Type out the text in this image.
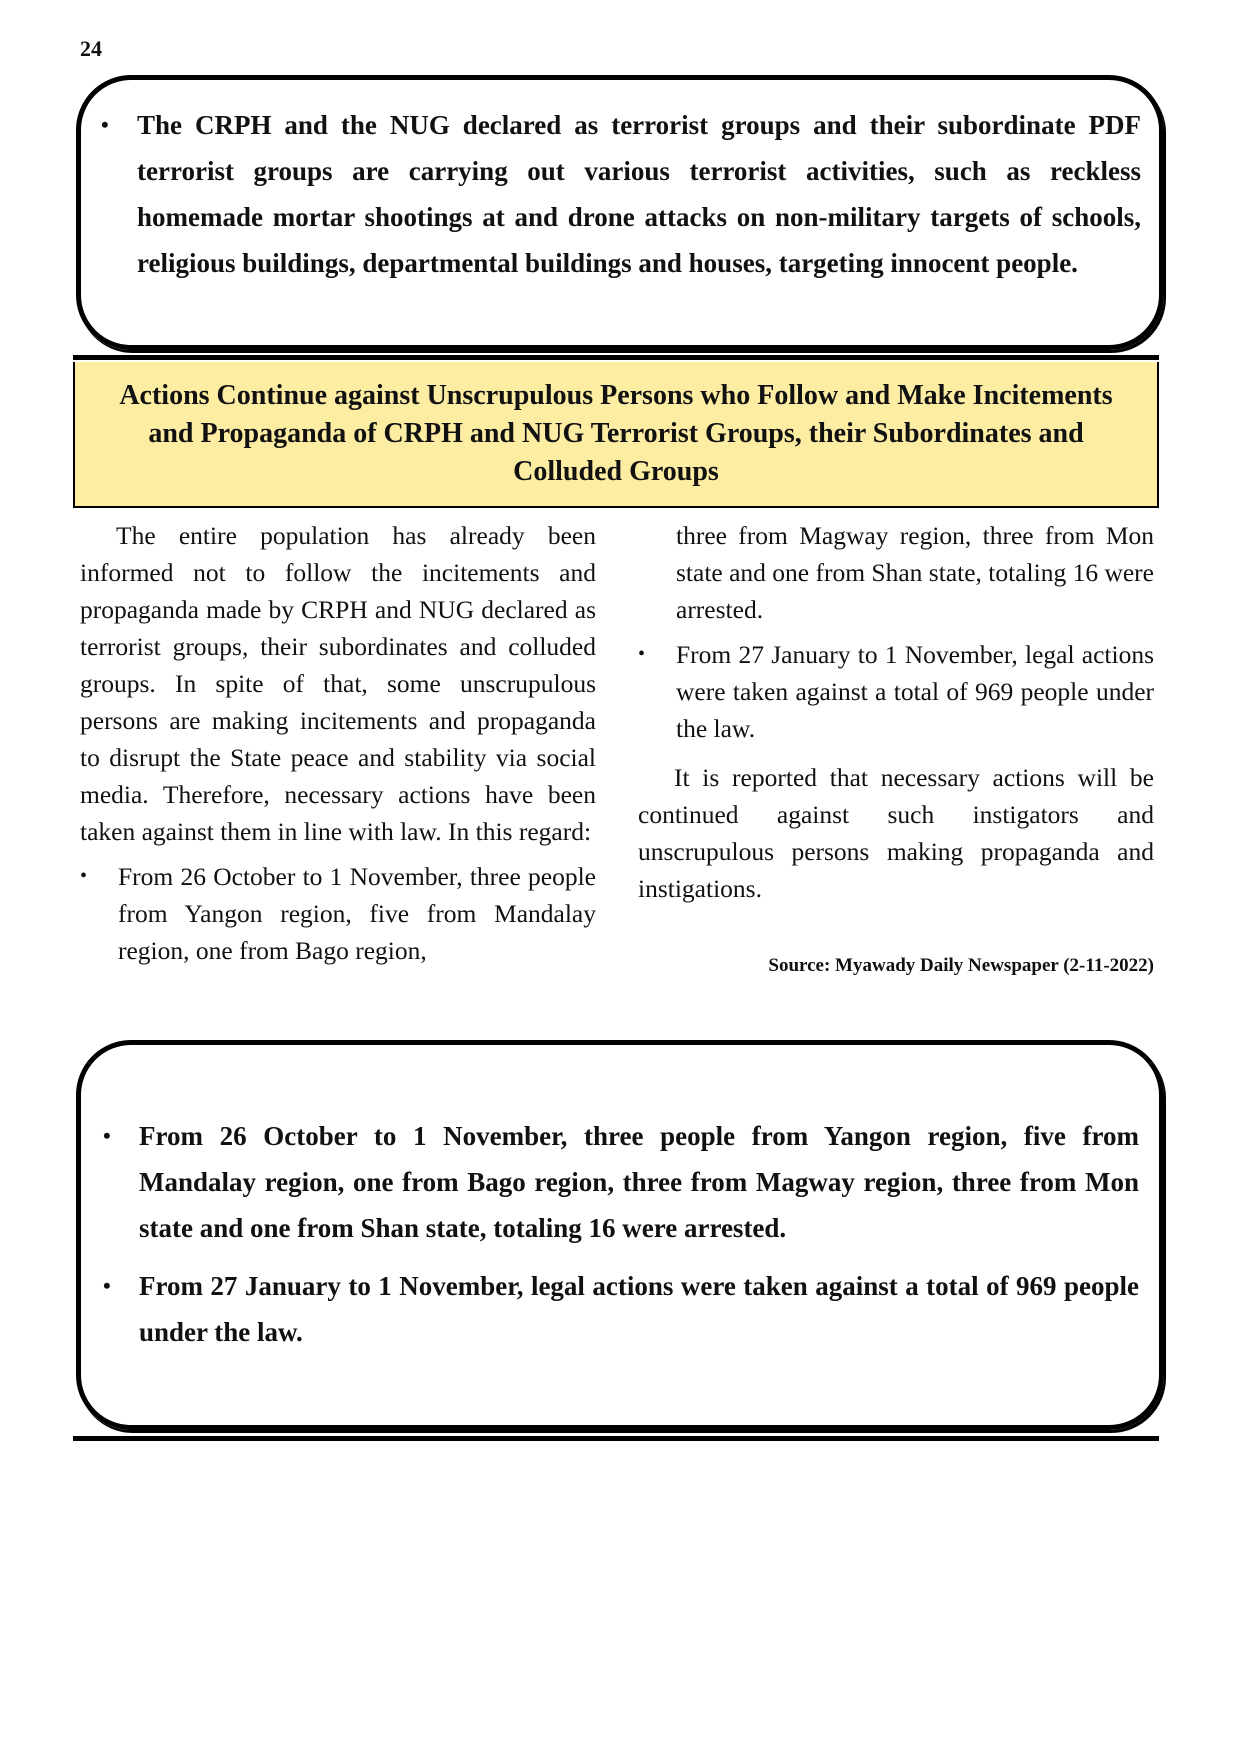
24
• The CRPH and the NUG declared as terrorist groups and their subordinate PDF terrorist groups are carrying out various terrorist activities, such as reckless homemade mortar shootings at and drone attacks on non-military targets of schools, religious buildings, departmental buildings and houses, targeting innocent people.
Actions Continue against Unscrupulous Persons who Follow and Make Incitements and Propaganda of CRPH and NUG Terrorist Groups, their Subordinates and Colluded Groups

The entire population has already been informed not to follow the incitements and propaganda made by CRPH and NUG declared as terrorist groups, their subordinates and colluded groups. In spite of that, some unscrupulous persons are making incitements and propaganda to disrupt the State peace and stability via social media. Therefore, necessary actions have been taken against them in line with law. In this regard:

• From 26 October to 1 November, three people from Yangon region, five from Mandalay region, one from Bago region,

three from Magway region, three from Mon state and one from Shan state, totaling 16 were arrested.

• From 27 January to 1 November, legal actions were taken against a total of 969 people under the law.

It is reported that necessary actions will be continued against such instigators and unscrupulous persons making propaganda and instigations.

Source: Myawady Daily Newspaper (2-11-2022)
• From 26 October to 1 November, three people from Yangon region, five from Mandalay region, one from Bago region, three from Magway region, three from Mon state and one from Shan state, totaling 16 were arrested.
• From 27 January to 1 November, legal actions were taken against a total of 969 people under the law.
